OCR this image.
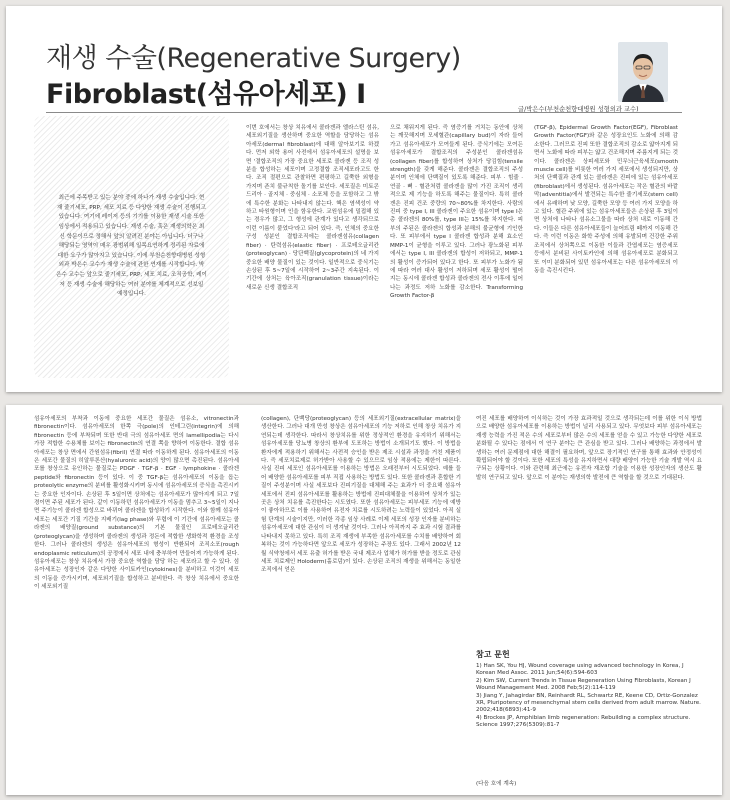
재생 수술(Regenerative Surgery)
Fibroblast(섬유아세포) I	글/박은수(부천순천향대병원 성형외과 교수)

최근에 주목받고 있는 분야 중에 하나가 재생 수술입니다. 현재 줄기세포, PRP, 세포 치료 등 다양한 재생 수술이 진행되고 있습니다. 여기에 레이저 등의 기기를 이용한 재생 시술 또한 임상에서 적용되고 있습니다. 재생 수술, 혹은 재생의학은 최신 학문이므로 정해서 앞의 알려진 분야는 아닙니다. 더구나 해당되는 영역이 매우 광범위해 일목요연하게 정리된 자료에 대한 요구가 많아지고 있습니다. 이에 부천순천향대병원 성형외과 박은수 교수가 재생 수술에 관한 연재를 시작합니다. 박은수 교수는 앞으로 줄기세포, PRP, 세포 치료, 조직공학, 레이저 등 재생 수술에 해당하는 여러 분야를 체계적으로 선보일 예정입니다.

이번 호에서는 창상 치유에서 콜라겐과 엘라스틴 섬유, 세포외기질을 생산하며 중요한 역할을 담당하는 섬유아세포(dermal fibroblast)에 대해 알아보기로 하겠다. 먼저 외학 용어 사전에서 섬유아세포의 설명을 보면 '결합조직의 가장 중요한 세포로 콜라겐 등 조직 성분을 합성하는 세포이며 고정결합 조직세포라고도 한다. 조직 절편으로 관찰하면 편평하고 길쭉한 외형을 가지며 존치 불규칙한 돌기를 보인다. 세포질은 미토콘드리아 · 골지체 · 중심체 · 소포체 등을 포함하고 그 밖에 특수한 분화는 나타내지 않는다. 핵은 염색성이 약하고 타원형이며 인을 함유한다. 교원섬유에 밀접해 있는 경우가 많고, 그 형성에 관계가 있다고 생각되므로 이런 이름이 붙었다'라고 되어 있다. 즉, 인체의 중요한 구성 성분인 결합조직에는 콜라겐섬유(collagen fiber) · 탄력섬유(elastic fiber) · 프로테오글리칸(proteoglycan) · 당단백질(glycoprotein)의 네 가지 중요한 배양 물질이 있는 것이다. 일반적으로 중식기는 손상된 후 5~7일에 시작하여 2~3주간 지속된다. 이 기간에 상처는 육아조직(granulation tissue)이라는 새로운 신생 결합조직

으로 채워지게 된다. 즉 염증기를 거치는 동안에 상처는 깨끗해지며 모세혈관(capillary bud)이 자라 들어가고 섬유아세포가 모여들게 된다. 증식기에는 모여든 섬유아세포가 결합조직의 주성분인 콜라겐섬유(collagen fiber)를 합성하여 상처가 당김힘(tensile strength)을 갖게 해준다. 콜라겐은 결합조직의 주성분이며 인체에 단백질이 있도록 해준다. 피부 · 힘줄 · 연골 · 뼈 · 혈관처럼 콜라겐을 많이 가진 조직이 생리적으로 제 기능을 하도록 해주는 물질이다. 특히 콜라겐은 진피 건조 중량의 70~80%를 차지한다. 사람의 진피 중 type I, III 콜라겐이 주요한 섬유이며 type I은 총 콜라겐의 80%를, type III는 15%를 차지한다. 피부의 주된은 콜라겐의 합성과 분해의 불균형에 기인한다. 또 피부에서 type I 콜라겐 합성과 분해 효소인 MMP-1이 균형을 이루고 있다. 그러나 광노화된 피부에서는 type I, III 콜라겐의 합성이 저하되고, MMP-1의 활성이 증가되어 있다고 한다. 또 피부가 노화가 됨에 따라 여러 대사 활성이 저하되며 세포 활성이 떨어지는 동시에 콜라겐 합성과 콜라겐의 전사 이후에 일어나는 과정도 저하 노화를 감소한다. Transforming Growth Factor-β

(TGF-β), Epidermal Growth Factor(EGF), Fibroblast Growth Factor(FGF)와 같은 성장요인도 노화에 의해 감소한다. 그러므로 진피 또한 결합조직의 감소로 얇아지게 되면서 노화에 따라 피부는 얇고 건조해지며 주름지게 되는 것이다. 콜라겐은 상피세포와 민무늬근육세포(smooth muscle cell)를 비롯한 여러 가지 세포에서 생성되지만, 상처의 단백질과 관계 있는 콜라겐은 진피에 있는 섬유아세포(fibroblast)에서 생성된다. 섬유아세포는 작은 혈관의 바깥막(adventitia)에서 발견되는 특수한 줄기세포(stem cell)에서 유래하며 낮 모양, 길쭉한 모양 등 여러 가지 모양을 하고 있다. 혈관 주위에 있는 섬유아세포들은 손상된 후 3일이면 상처에 나타나 섬유소그물을 따라 상처 내로 이동해 간다. 이들은 다른 섬유아세포들이 늘어뜨림 떼까지 이동해 간다. 즉 이런 이동은 화학 주성에 의해 유발되며 건강한 주위 조직에서 상처쪽으로 이동한 이들과 간엽세포는 염증세포 등에서 분비된 사이토카인에 의해 섬유아세포로 분화되고 또 이미 분화되어 있던 섬유아세포는 다른 섬유아세포의 이동을 촉진시킨다.

섬유아세포의 부착과 이동에 중요한 세포간 물질은 섬유소, vitronectin과 fibronectin이다. 섬유아세포의 한쪽 극(pole)의 인테그린(integrin)에 의해 fibronectin 등에 부착되며 또한 반대 극의 섬유아세포 면의 lamellipodia는 다시 가장 적합한 수용체를 보이는 fibronectin의 연결 쪽을 향하여 이동한다. 결합 섬유아세포는 창상 면에서 간원섬유(fibril) 연결 따라 이동하게 된다. 섬유아세포의 이동은 세포간 물질의 히알루론산(hyaluronic acid)의 양이 많으면 촉진된다. 섬유아세포를 창상으로 유인하는 물질로는 PDGF · TGF-β · EGF · lymphokine · 콜라겐 peptide와 fibronectin 등이 있다. 이 중 TGF-β는 섬유아세포의 이동을 돕는 proteolytic enzyme의 분비를 활성화시키며 동시에 섬유아세포의 증식을 촉진시키는 중요한 인자이다. 손상된 후 5일이면 상처에는 섬유아세포가 많아지게 되고 7일 경이면 주된 세포가 된다. 같이 이동하던 섬유아세포가 이동을 멈추고 3~5일이 지나면 주기능이 콜라겐 합성으로 바뀌어 콜라겐을 합성하기 시작한다. 이와 함께 섬유아세포는 세포간 기질 기간을 지배기(lag phase)와 무렵에 이 기간에 섬유아세포는 콜라겐의 배양질(ground substance)의 기본 물질인 프로테오글리칸(proteoglycan)을 생성하며 콜라겐의 생성과 정돈에 적합한 생화학적 환경을 조성한다. 그러나 콜라겐의 생성은 섬유아세포의 형성이 반환되어 조직소포(rough endoplasmic reticulum)의 공정에서 세포 내에 충부하여 만들어져 가능하게 된다. 섬유아세포는 창상 치유에서 가장 중요한 역할을 담당 하는 세포라고 할 수 있다. 섬유아세포는 성장인자 같은 다양한 사이토카인(cytokines)을 분비하고 이것이 세포의 이동을 증가시키며, 세포외기질을 합성하고 분비한다. 즉 창상 치유에서 중요한 이 세포외기질

(collagen), 단백당(proteoglycan) 등의 세포외기질(extracellular matrix)을 생산한다. 그러나 대개 만성 창상은 섬유아세포의 기능 저하로 인해 창상 치유가 지연되는데 생각한다. 따라서 창상치유를 위한 정상적인 환경을 유지하기 위해서는 섬유아세포를 당뇨병 창상의 환부에 도포하는 방법이 소개되기도 했다. 이 방법을 환자에게 적용하기 위해서는 사전적 승인을 받은 제조 시설과 과정을 거친 제품이다. 즉 세포치료제로 허가받아 사용할 수 있으므로 임상 적용에는 제한이 따른다. 사실 진피 세포인 섬유아세포를 이용하는 방법은 오래전부터 시도되었다. 예를 들어 배양한 섬유아세포를 피부 직접 사용하는 방법도 있다. 또한 콜라겐과 혼합한 기질이 주성분이며 사실 세포보다 진피기질을 대체해 주는 효과가 더 중요해 섬유아세포에서 진피 섬유아세포를 활용하는 방법에 진피대체물을 이용하여 상처가 있는 곳은 상처 치유를 촉진한다는 시도였다. 또한 섬유아세포는 피부세포 기능에 예방이 좋아하므로 이를 사용하여 유전자 치료를 시도하려는 노력들이 있었다. 아직 실험 단계의 시술이지만, 이러한 각종 임상 사례로 이제 세포의 성장 인자를 분비하는 섬유아세포에 대한 관심이 더 생겨날 것이다. 그러나 아직까지 주 효과 시험 결과를 나타내지 못하고 있다. 특히 조직 재생에 부족한 섬유아세포를 수치를 배양하여 회복하는 것이 가능하다면 앞으로 세포가 성장하는 주장도 있다. 그래서 2002년 12월 식약청에서 세포 유출 허가를 받은 국내 제조사 업체가 허가를 받을 정도로 관심 세포 치료제인 Holoderm(홀로덤)이 있다. 손상된 조직의 재생을 위해서는 동일한 조직에서 얻은

여진 세포를 배양하여 이식하는 것이 가장 효과적일 것으로 생각되는데 이를 위한 이식 방법으로 배양한 섬유아세포를 이용하는 방법이 널리 사용되고 있다. 무엇보다 피부 섬유아세포는 재생 능력을 가진 적은 수의 세포로부터 많은 수의 세포를 얻을 수 있고 가능한 다양한 세포로 분화될 수 있다는 점에서 이 연구 분야는 큰 관심을 받고 있다. 그러나 배양하는 과정에서 발생하는 여러 문제점에 대한 해결이 필요하며, 앞으로 장기적인 연구를 통해 효과와 안정성이 확립되어야 할 것이다. 또한 세포의 특성을 유지하면서 대량 배양이 가능한 기술 개발 역시 요구되는 상황이다. 이와 관련해 최근에는 유전자 재조합 기술을 이용한 성장인자의 생산도 활발히 연구되고 있다. 앞으로 이 분야는 재생의학 발전에 큰 역할을 할 것으로 기대된다.

참고 문헌
1) Han SK, You HJ, Wound coverage using advanced technology in Korea, J Korean Med Assoc. 2011 Jun;54(6):594-603
2) Kim SW, Current Trends in Tissue Regeneration Using Fibroblasts, Korean J Wound Management Med. 2008 Feb;5(2):114-119
3) Jiang Y, Jahagirdar BN, Reinhardt RL, Schwartz RE, Keene CD, Ortiz-Gonzalez XR, Pluripotency of mesenchymal stem cells derived from adult marrow. Nature. 2002;418(6893):41-9
4) Brockes JP, Amphibian limb regeneration: Rebuilding a complex structure. Science 1997;276(5309):81-7
(다음 호에 계속)
